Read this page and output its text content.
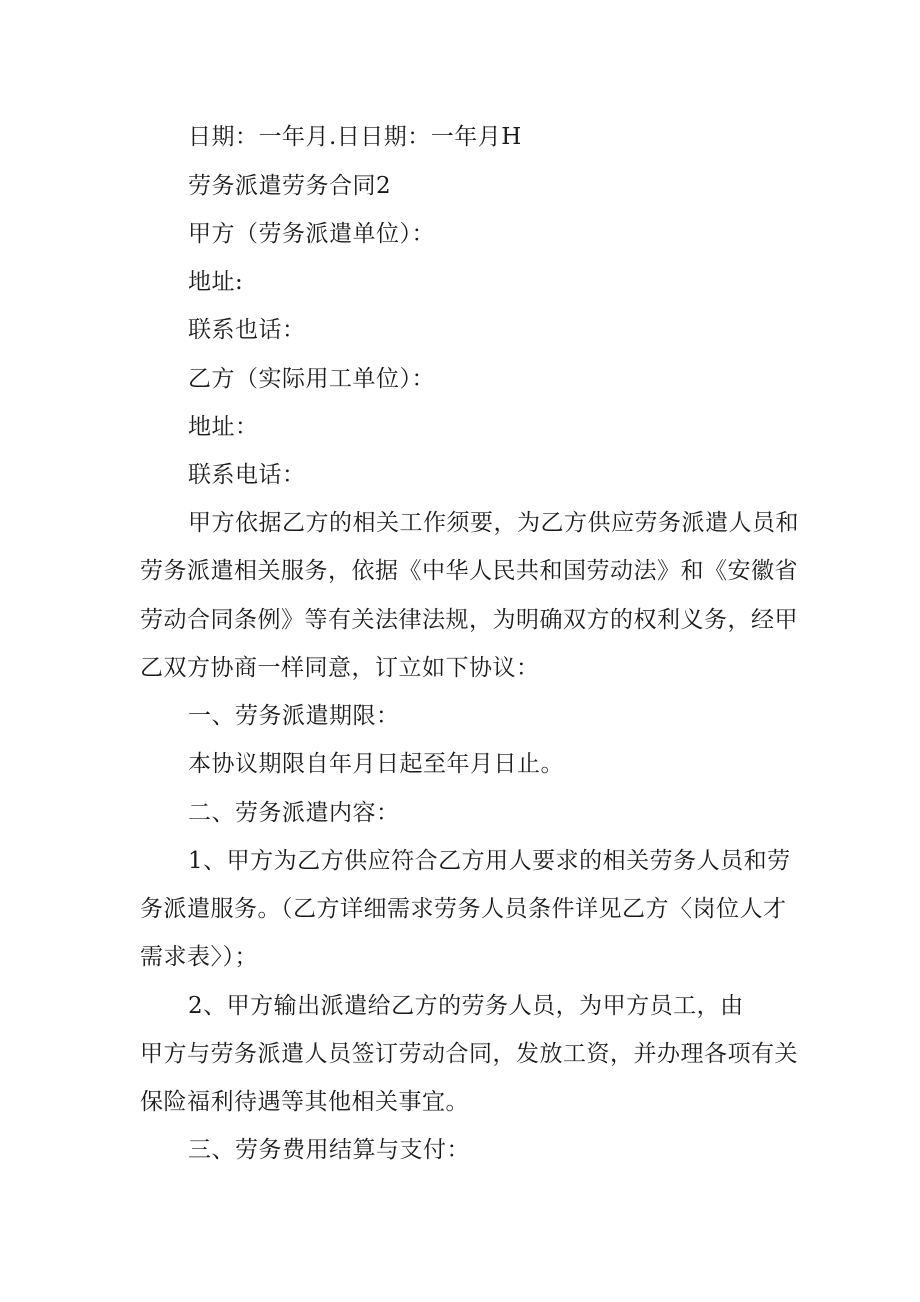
日期：一年月.日日期：一年月H
劳务派遣劳务合同2
甲方（劳务派遣单位）：
地址:
联系也话：
乙方（实际用工单位）：
地址：
联系电话：
甲方依据乙方的相关工作须要，为乙方供应劳务派遣人员和
劳务派遣相关服务，依据《中华人民共和国劳动法》和《安徽省
劳动合同条例》等有关法律法规，为明确双方的权利义务，经甲
乙双方协商一样同意，订立如下协议：
一、劳务派遣期限：
本协议期限自年月日起至年月日止。
二、劳务派遣内容：
1、甲方为乙方供应符合乙方用人要求的相关劳务人员和劳
务派遣服务。（乙方详细需求劳务人员条件详见乙方〈岗位人才
需求表〉）；
2、甲方输出派遣给乙方的劳务人员，为甲方员工，由
甲方与劳务派遣人员签订劳动合同，发放工资，并办理各项有关
保险福利待遇等其他相关事宜。
三、劳务费用结算与支付：
